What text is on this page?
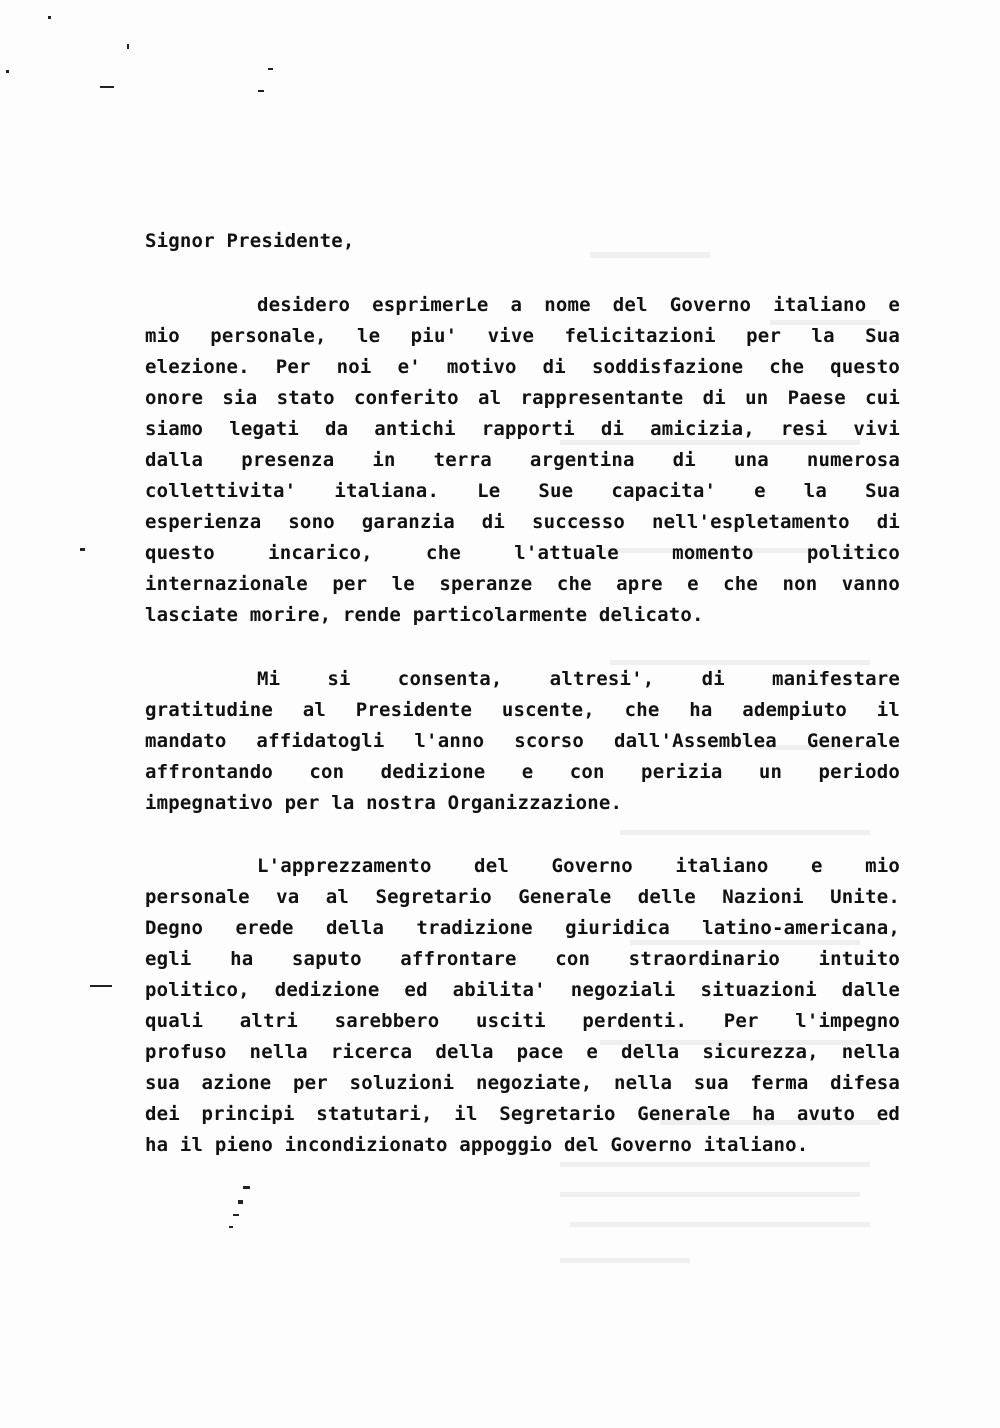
Signor Presidente,
desidero esprimerLe a nome del Governo italiano e
mio personale, le piu' vive felicitazioni per la Sua
elezione. Per noi e' motivo di soddisfazione che questo
onore sia stato conferito al rappresentante di un Paese cui
siamo legati da antichi rapporti di amicizia, resi vivi
dalla presenza in terra argentina di una numerosa
collettivita' italiana. Le Sue capacita' e la Sua
esperienza sono garanzia di successo nell'espletamento di
questo incarico, che l'attuale momento politico
internazionale per le speranze che apre e che non vanno
lasciate morire, rende particolarmente delicato.
Mi si consenta, altresi', di manifestare
gratitudine al Presidente uscente, che ha adempiuto il
mandato affidatogli l'anno scorso dall'Assemblea Generale
affrontando con dedizione e con perizia un periodo
impegnativo per la nostra Organizzazione.
L'apprezzamento del Governo italiano e mio
personale va al Segretario Generale delle Nazioni Unite.
Degno erede della tradizione giuridica latino-americana,
egli ha saputo affrontare con straordinario intuito
politico, dedizione ed abilita' negoziali situazioni dalle
quali altri sarebbero usciti perdenti. Per l'impegno
profuso nella ricerca della pace e della sicurezza, nella
sua azione per soluzioni negoziate, nella sua ferma difesa
dei principi statutari, il Segretario Generale ha avuto ed
ha il pieno incondizionato appoggio del Governo italiano.
